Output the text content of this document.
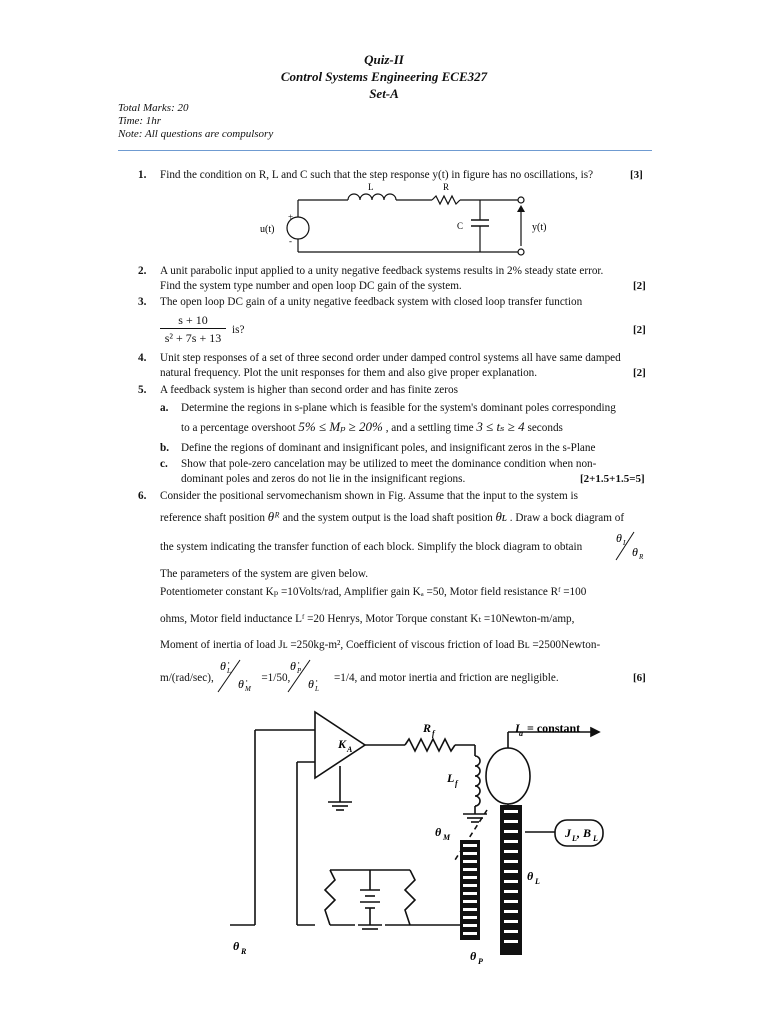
Quiz-II
Control Systems Engineering ECE327
Set-A
Total Marks: 20
Time: 1hr
Note: All questions are compulsory
1. Find the condition on R, L and C such that the step response y(t) in figure has no oscillations, is?	[3]
L	R
C
u(t)	y(t)
+
-
2. A unit parabolic input applied to a unity negative feedback systems results in 2% steady state error.
Find the system type number and open loop DC gain of the system.	[2]
3. The open loop DC gain of a unity negative feedback system with closed loop transfer function
s + 10
s² + 7s + 13
is?	[2]
4. Unit step responses of a set of three second order under damped control systems all have same damped
natural frequency. Plot the unit responses for them and also give proper explanation.	[2]
5. A feedback system is higher than second order and has finite zeros
a. Determine the regions in s-plane which is feasible for the system's dominant poles corresponding
to a percentage overshoot 5% ≤ Mₚ ≥ 20% , and a settling time 3 ≤ tₛ ≥ 4 seconds
b. Define the regions of dominant and insignificant poles, and insignificant zeros in the s-Plane
c. Show that pole-zero cancelation may be utilized to meet the dominance condition when non-
dominant poles and zeros do not lie in the insignificant regions.	[2+1.5+1.5=5]
6. Consider the positional servomechanism shown in Fig. Assume that the input to the system is
reference shaft position θᴿ and the system output is the load shaft position θʟ . Draw a bock diagram of
the system indicating the transfer function of each block. Simplify the block diagram to obtain
θ L
θ R
The parameters of the system are given below.
Potentiometer constant Kₚ =10Volts/rad, Amplifier gain Kₐ =50, Motor field resistance Rᶠ =100
ohms, Motor field inductance Lᶠ =20 Henrys, Motor Torque constant Kₜ =10Newton-m/amp,
Moment of inertia of load Jʟ =250kg-m², Coefficient of viscous friction of load Bʟ =2500Newton-
m/(rad/sec),	=1/50,	=1/4, and motor inertia and friction are negligible.
θ̇ L
θ̇ M
θ̇ P
θ̇ L
[6]
K A
R f
L f
I a = constant
J L , B L
θ M
θ L
θ R	θ P
